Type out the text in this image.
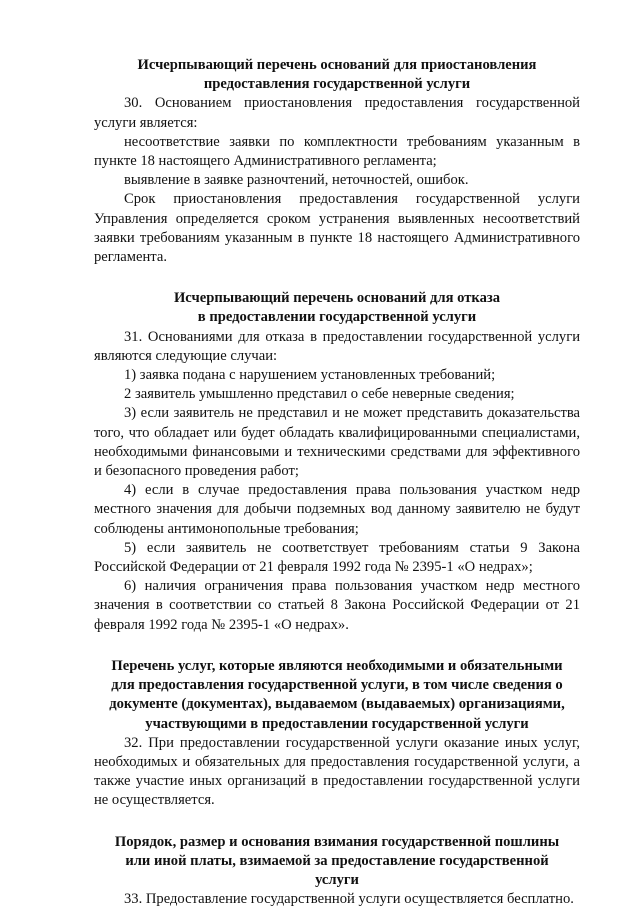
Исчерпывающий перечень оснований для приостановления

предоставления государственной услуги

30. Основанием приостановления предоставления государственной услуги является:

несоответствие заявки по комплектности требованиям указанным в пункте 18 настоящего Административного регламента;

выявление в заявке разночтений, неточностей, ошибок.

Срок приостановления предоставления государственной услуги Управления определяется сроком устранения выявленных несоответствий заявки требованиям указанным в пункте 18 настоящего Административного регламента.

Исчерпывающий перечень оснований для отказа

в предоставлении государственной услуги

31. Основаниями для отказа в предоставлении государственной услуги являются следующие случаи:

1) заявка подана с нарушением установленных требований;

2 заявитель умышленно представил о себе неверные сведения;

3) если заявитель не представил и не может представить доказательства того, что обладает или будет обладать квалифицированными специалистами, необходимыми финансовыми и техническими средствами для эффективного и безопасного проведения работ;

4) если в случае предоставления права пользования участком недр местного значения для добычи подземных вод данному заявителю не будут соблюдены антимонопольные требования;

5) если заявитель не соответствует требованиям статьи 9 Закона Российской Федерации от 21 февраля 1992 года № 2395-1 «О недрах»;

6) наличия ограничения права пользования участком недр местного значения в соответствии со статьей 8 Закона Российской Федерации от 21 февраля 1992 года № 2395-1 «О недрах».

Перечень услуг, которые являются необходимыми и обязательными

для предоставления государственной услуги, в том числе сведения о

документе (документах), выдаваемом (выдаваемых) организациями,

участвующими в предоставлении государственной услуги

32. При предоставлении государственной услуги оказание иных услуг, необходимых и обязательных для предоставления государственной услуги, а также участие иных организаций в предоставлении государственной услуги не осуществляется.

Порядок, размер и основания взимания государственной пошлины

или иной платы, взимаемой за предоставление государственной

услуги

33. Предоставление государственной услуги осуществляется бесплатно.
